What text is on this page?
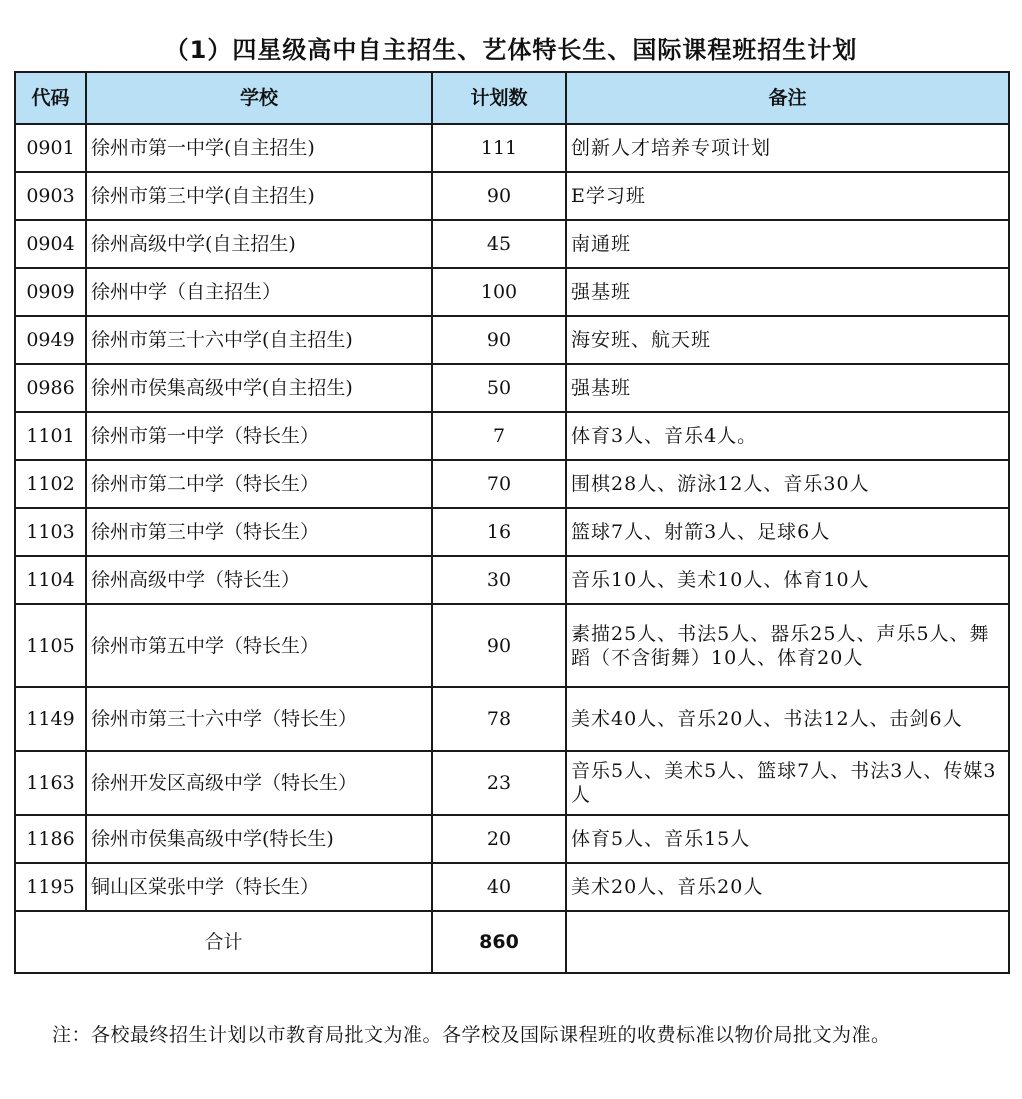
（1）四星级高中自主招生、艺体特长生、国际课程班招生计划
代码	学校	计划数	备注
0901	徐州市第一中学(自主招生)	111	创新人才培养专项计划
0903	徐州市第三中学(自主招生)	90	E学习班
0904	徐州高级中学(自主招生)	45	南通班
0909	徐州中学（自主招生）	100	强基班
0949	徐州市第三十六中学(自主招生)	90	海安班、航天班
0986	徐州市侯集高级中学(自主招生)	50	强基班
1101	徐州市第一中学（特长生）	7	体育3人、音乐4人。
1102	徐州市第二中学（特长生）	70	围棋28人、游泳12人、音乐30人
1103	徐州市第三中学（特长生）	16	篮球7人、射箭3人、足球6人
1104	徐州高级中学（特长生）	30	音乐10人、美术10人、体育10人
1105	徐州市第五中学（特长生）	90	素描25人、书法5人、器乐25人、声乐5人、舞蹈（不含街舞）10人、体育20人
1149	徐州市第三十六中学（特长生）	78	美术40人、音乐20人、书法12人、击剑6人
1163	徐州开发区高级中学（特长生）	23	音乐5人、美术5人、篮球7人、书法3人、传媒3人
1186	徐州市侯集高级中学(特长生)	20	体育5人、音乐15人
1195	铜山区棠张中学（特长生）	40	美术20人、音乐20人
合计		860	
注：各校最终招生计划以市教育局批文为准。各学校及国际课程班的收费标准以物价局批文为准。
